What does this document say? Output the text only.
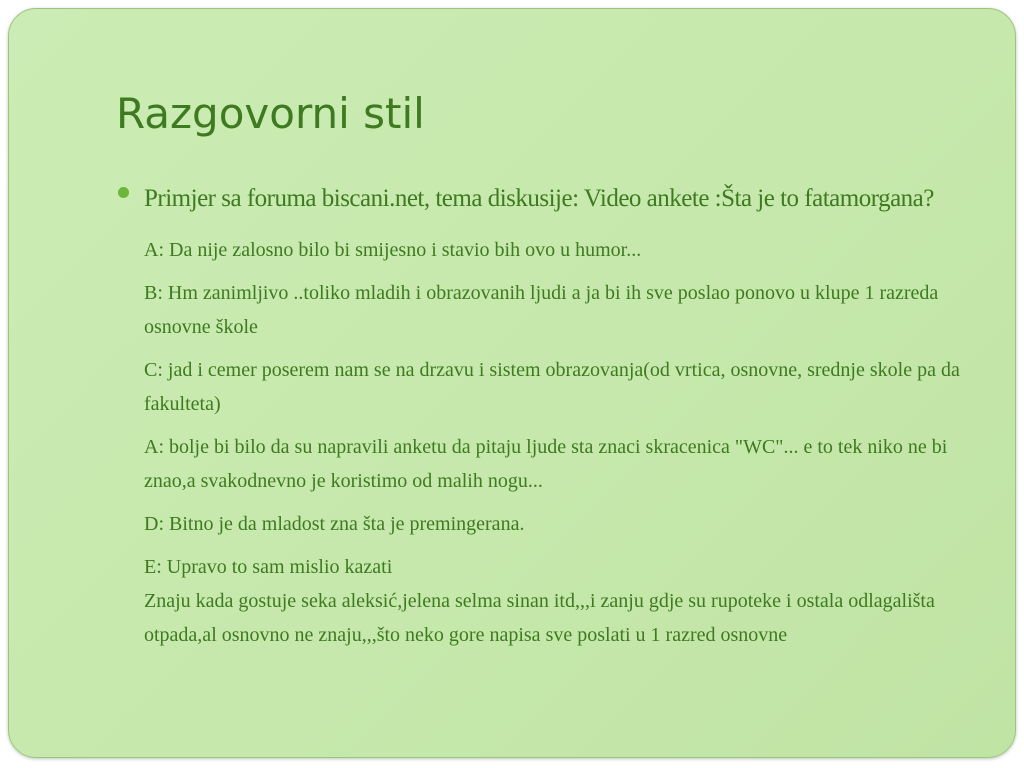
Razgovorni stil

Primjer sa foruma biscani.net, tema diskusije: Video ankete :Šta je to fatamorgana?

A: Da nije zalosno bilo bi smijesno i stavio bih ovo u humor...
B: Hm zanimljivo ..toliko mladih i obrazovanih ljudi a ja bi ih sve poslao ponovo u klupe 1 razreda osnovne škole
C: jad i cemer poserem nam se na drzavu i sistem obrazovanja(od vrtica, osnovne, srednje skole pa da fakulteta)
A: bolje bi bilo da su napravili anketu da pitaju ljude sta znaci skracenica "WC"... e to tek niko ne bi znao,a svakodnevno je koristimo od malih nogu...
D: Bitno je da mladost zna šta je premingerana.
E: Upravo to sam mislio kazati
Znaju kada gostuje seka aleksić,jelena selma sinan itd,,,i zanju gdje su rupoteke i ostala odlagališta otpada,al osnovno ne znaju,,,što neko gore napisa sve poslati u 1 razred osnovne
